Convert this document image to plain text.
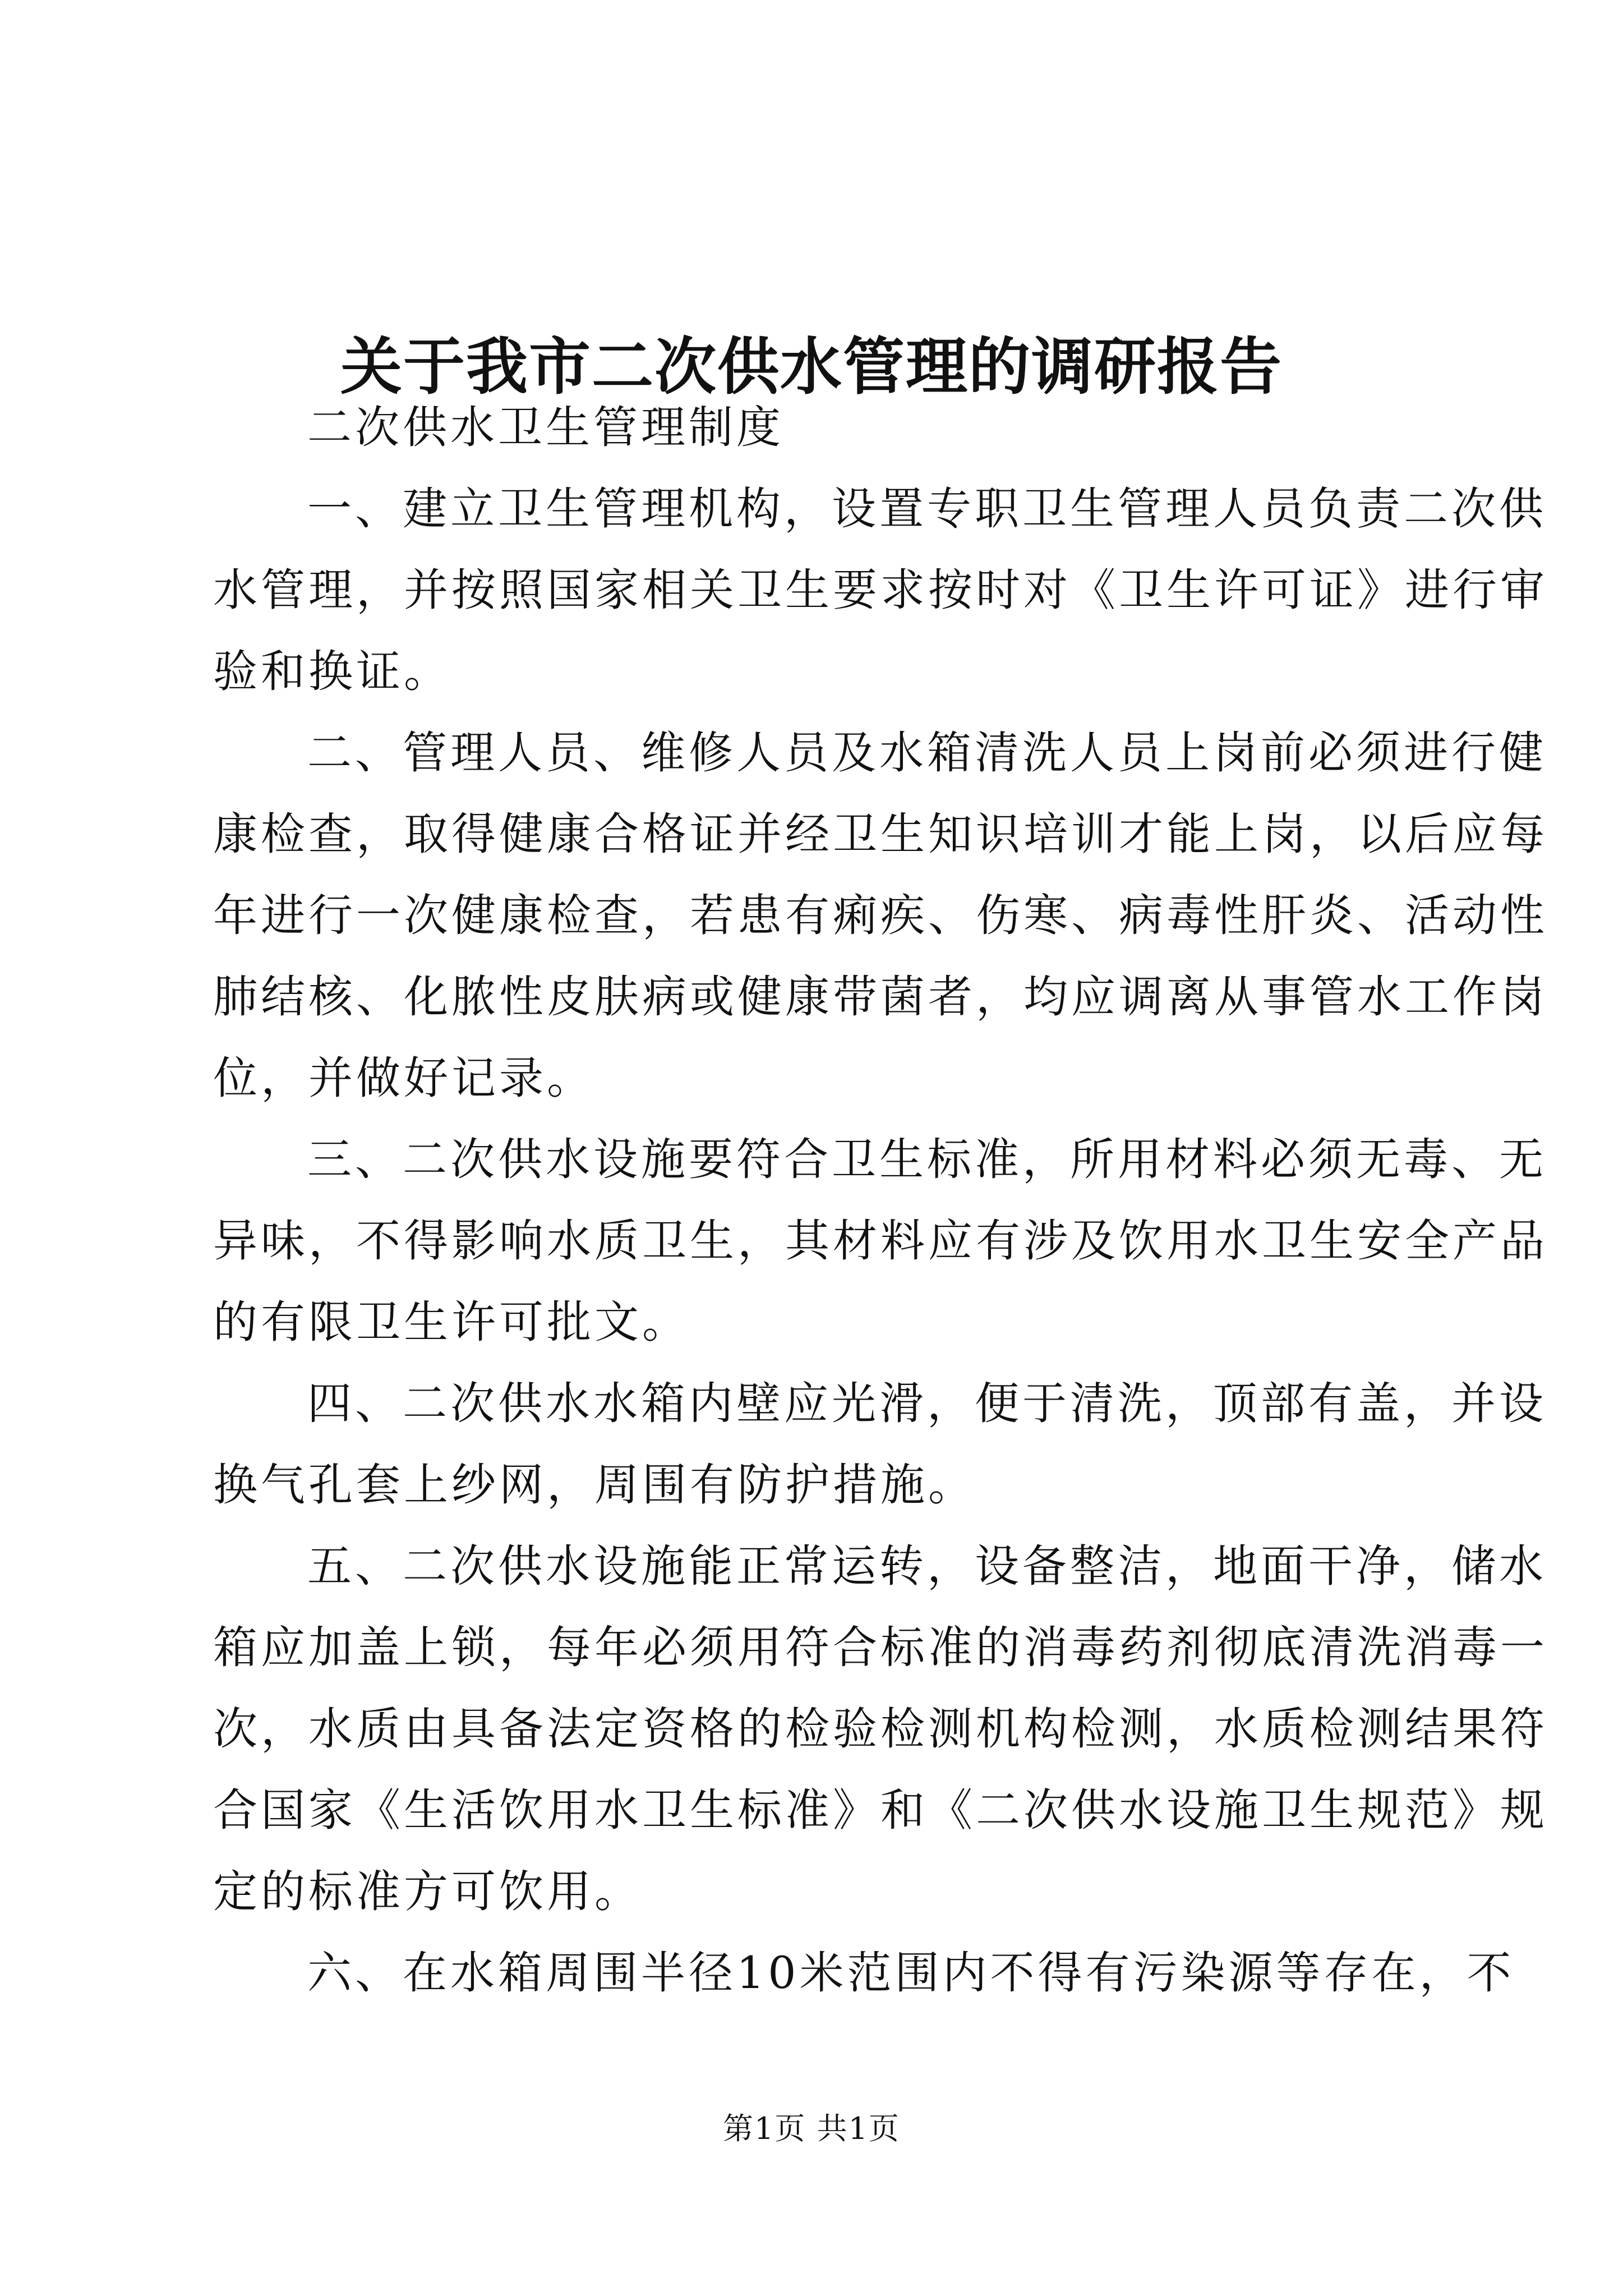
关于我市二次供水管理的调研报告

二次供水卫生管理制度

一、建立卫生管理机构，设置专职卫生管理人员负责二次供
水管理，并按照国家相关卫生要求按时对《卫生许可证》进行审
验和换证。
二、管理人员、维修人员及水箱清洗人员上岗前必须进行健
康检查，取得健康合格证并经卫生知识培训才能上岗，以后应每
年进行一次健康检查，若患有痢疾、伤寒、病毒性肝炎、活动性
肺结核、化脓性皮肤病或健康带菌者，均应调离从事管水工作岗
位，并做好记录。
三、二次供水设施要符合卫生标准，所用材料必须无毒、无
异味，不得影响水质卫生，其材料应有涉及饮用水卫生安全产品
的有限卫生许可批文。
四、二次供水水箱内壁应光滑，便于清洗，顶部有盖，并设
换气孔套上纱网，周围有防护措施。
五、二次供水设施能正常运转，设备整洁，地面干净，储水
箱应加盖上锁，每年必须用符合标准的消毒药剂彻底清洗消毒一
次，水质由具备法定资格的检验检测机构检测，水质检测结果符
合国家《生活饮用水卫生标准》和《二次供水设施卫生规范》规
定的标准方可饮用。
六、在水箱周围半径10米范围内不得有污染源等存在，不
第1页 共1页
